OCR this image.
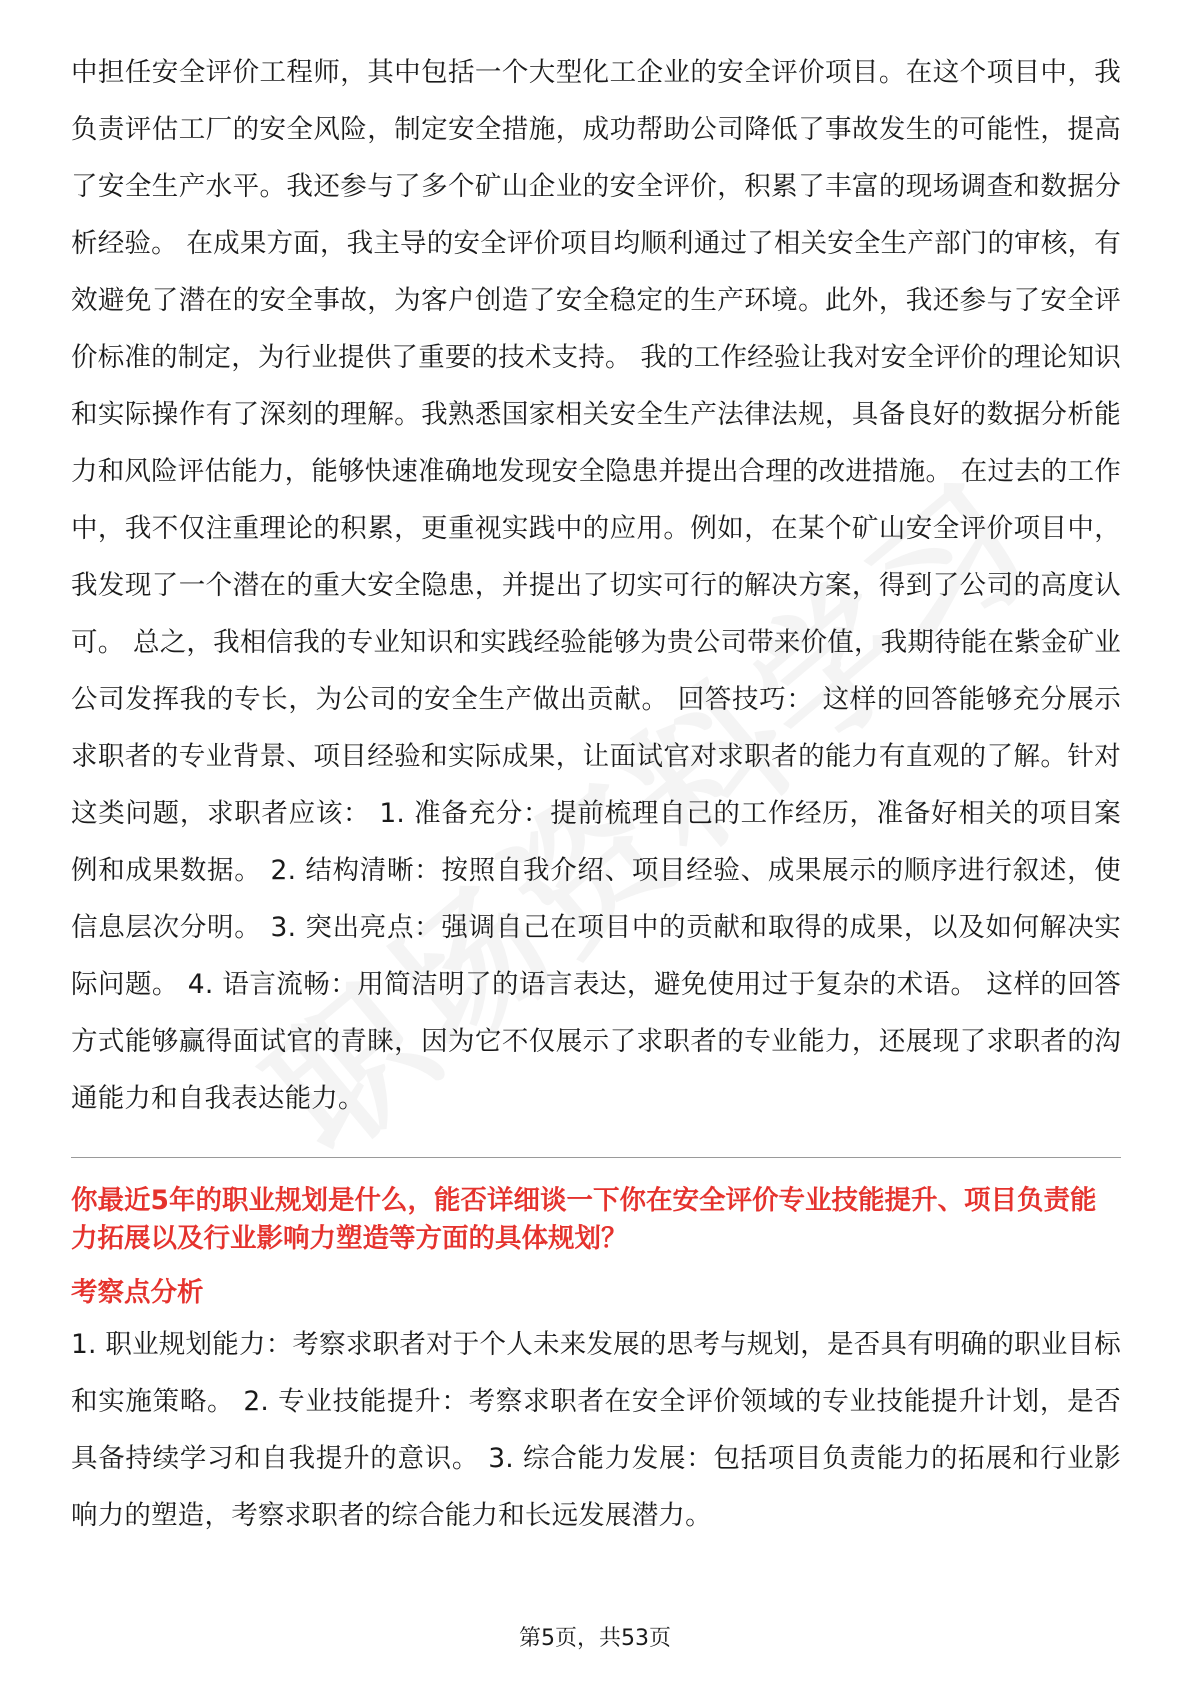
中担任安全评价工程师，其中包括一个大型化工企业的安全评价项目。在这个项目中，我负责评估工厂的安全风险，制定安全措施，成功帮助公司降低了事故发生的可能性，提高了安全生产水平。我还参与了多个矿山企业的安全评价，积累了丰富的现场调查和数据分析经验。 在成果方面，我主导的安全评价项目均顺利通过了相关安全生产部门的审核，有效避免了潜在的安全事故，为客户创造了安全稳定的生产环境。此外，我还参与了安全评价标准的制定，为行业提供了重要的技术支持。 我的工作经验让我对安全评价的理论知识和实际操作有了深刻的理解。我熟悉国家相关安全生产法律法规，具备良好的数据分析能力和风险评估能力，能够快速准确地发现安全隐患并提出合理的改进措施。 在过去的工作中，我不仅注重理论的积累，更重视实践中的应用。例如，在某个矿山安全评价项目中，我发现了一个潜在的重大安全隐患，并提出了切实可行的解决方案，得到了公司的高度认可。 总之，我相信我的专业知识和实践经验能够为贵公司带来价值，我期待能在紫金矿业公司发挥我的专长，为公司的安全生产做出贡献。 回答技巧： 这样的回答能够充分展示求职者的专业背景、项目经验和实际成果，让面试官对求职者的能力有直观的了解。针对这类问题，求职者应该： 1. 准备充分：提前梳理自己的工作经历，准备好相关的项目案例和成果数据。 2. 结构清晰：按照自我介绍、项目经验、成果展示的顺序进行叙述，使信息层次分明。 3. 突出亮点：强调自己在项目中的贡献和取得的成果，以及如何解决实际问题。 4. 语言流畅：用简洁明了的语言表达，避免使用过于复杂的术语。 这样的回答方式能够赢得面试官的青睐，因为它不仅展示了求职者的专业能力，还展现了求职者的沟通能力和自我表达能力。

你最近5年的职业规划是什么，能否详细谈一下你在安全评价专业技能提升、项目负责能力拓展以及行业影响力塑造等方面的具体规划？

考察点分析

1. 职业规划能力：考察求职者对于个人未来发展的思考与规划，是否具有明确的职业目标和实施策略。 2. 专业技能提升：考察求职者在安全评价领域的专业技能提升计划，是否具备持续学习和自我提升的意识。 3. 综合能力发展：包括项目负责能力的拓展和行业影响力的塑造，考察求职者的综合能力和长远发展潜力。

第5页，共53页
